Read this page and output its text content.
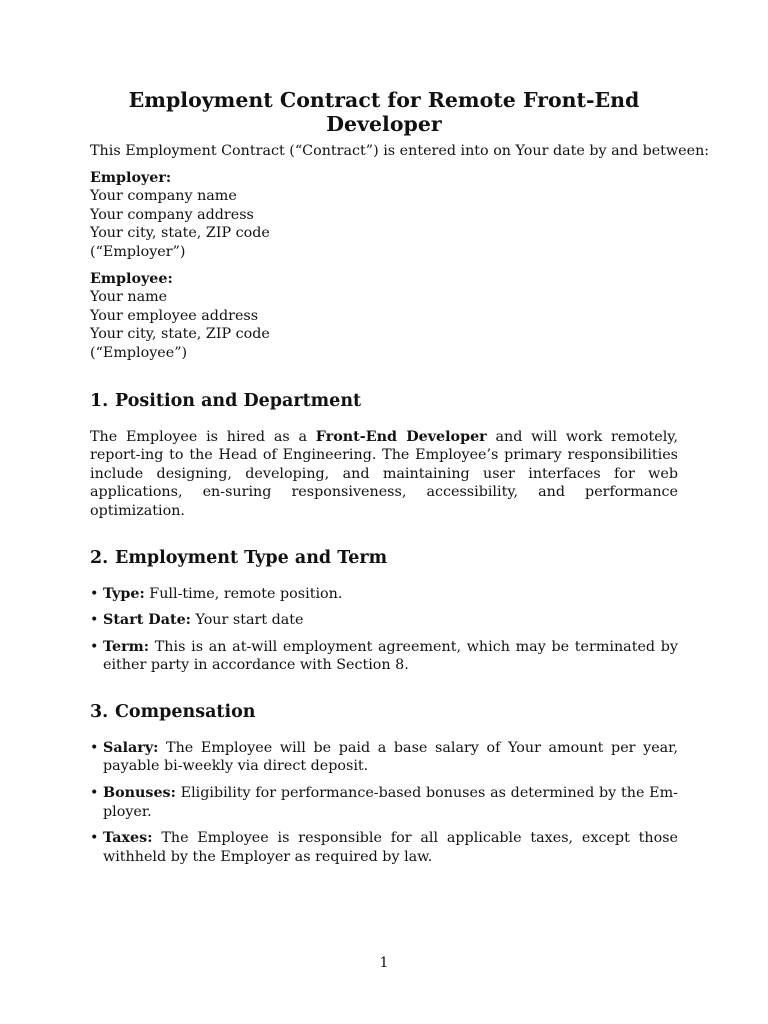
Employment Contract for Remote Front-End Developer

This Employment Contract (“Contract”) is entered into on Your date by and between:

Employer:
Your company name
Your company address
Your city, state, ZIP code
(“Employer”)
Employee:
Your name
Your employee address
Your city, state, ZIP code
(“Employee”)
1. Position and Department

The Employee is hired as a Front-End Developer and will work remotely, report-ing to the Head of Engineering. The Employee’s primary responsibilities include designing, developing, and maintaining user interfaces for web applications, en-suring responsiveness, accessibility, and performance optimization.

2. Employment Type and Term
• Type: Full-time, remote position.
• Start Date: Your start date
• Term: This is an at-will employment agreement, which may be terminated by either party in accordance with Section 8.
3. Compensation
• Salary: The Employee will be paid a base salary of Your amount per year, payable bi-weekly via direct deposit.
• Bonuses: Eligibility for performance-based bonuses as determined by the Em-ployer.
• Taxes: The Employee is responsible for all applicable taxes, except those withheld by the Employer as required by law.
1
